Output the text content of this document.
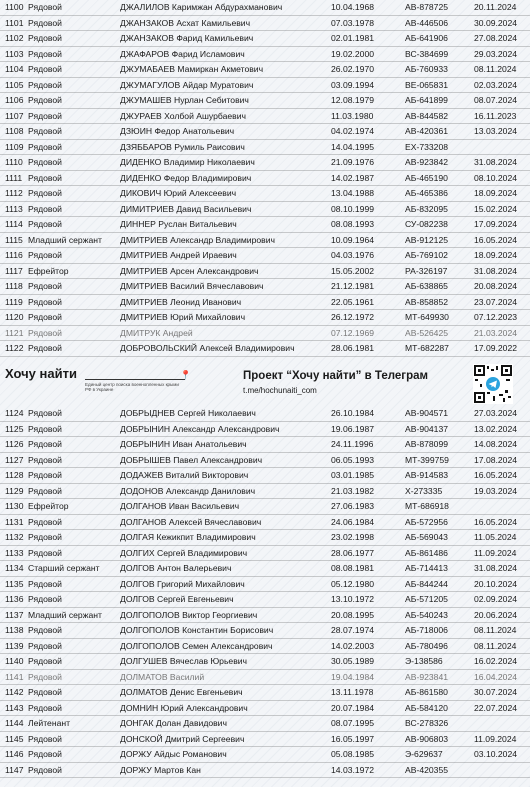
1100 Рядовой	ДЖАЛИЛОВ Каримжан Абдурахманович	10.04.1968	АВ-878725	20.11.2024
1101 Рядовой	ДЖАНЗАКОВ Асхат Камильевич	07.03.1978	АВ-446506	30.09.2024
1102 Рядовой	ДЖАНЗАКОВ Фарид Камильевич	02.01.1981	АБ-641906	27.08.2024
1103 Рядовой	ДЖАФАРОВ Фарид Исламович	19.02.2000	ВС-384699	29.03.2024
1104 Рядовой	ДЖУМАБАЕВ Мамиркан Акметович	26.02.1970	АБ-760933	08.11.2024
1105 Рядовой	ДЖУМАГУЛОВ Айдар Муратович	03.09.1994	ВЕ-065831	02.03.2024
1106 Рядовой	ДЖУМАШЕВ Нурлан Себитович	12.08.1979	АБ-641899	08.07.2024
1107 Рядовой	ДЖУРАЕВ Холбой Ашурбаевич	11.03.1980	АВ-844582	16.11.2023
1108 Рядовой	ДЗЮИН Федор Анатольевич	04.02.1974	АВ-420361	13.03.2024
1109 Рядовой	ДЗЯББАРОВ Румиль Раисович	14.04.1995	ЕХ-733208
1110 Рядовой	ДИДЕНКО Владимир Николаевич	21.09.1976	АВ-923842	31.08.2024
1111 Рядовой	ДИДЕНКО Федор Владимирович	14.02.1987	АБ-465190	08.10.2024
1112 Рядовой	ДИКОВИЧ Юрий Алексеевич	13.04.1988	АБ-465386	18.09.2024
1113 Рядовой	ДИМИТРИЕВ Давид Васильевич	08.10.1999	АБ-832095	15.02.2024
1114 Рядовой	ДИННЕР Руслан Витальевич	08.08.1993	СУ-082238	17.09.2024
1115 Младший сержант	ДМИТРИЕВ Александр Владимирович	10.09.1964	АВ-912125	16.05.2024
1116 Рядовой	ДМИТРИЕВ Андрей Ираевич	04.03.1976	АБ-769102	18.09.2024
1117 Ефрейтор	ДМИТРИЕВ Арсен Александрович	15.05.2002	РА-326197	31.08.2024
1118 Рядовой	ДМИТРИЕВ Василий Вячеславович	21.12.1981	АБ-638865	20.08.2024
1119 Рядовой	ДМИТРИЕВ Леонид Иванович	22.05.1961	АВ-858852	23.07.2024
1120 Рядовой	ДМИТРИЕВ Юрий Михайлович	26.12.1972	МТ-649930	07.12.2023
1121 Рядовой	ДМИТРУК Андрей	07.12.1969	АВ-526425	21.03.2024
1122 Рядовой	ДОБРОВОЛЬСКИЙ Алексей Владимирович	28.06.1981	МТ-682287	17.09.2022
Хочу найти	📍
Единый центр поиска военнопленных крыми РФ в Украине
Проект “Хочу найти” в Телеграм
t.me/hochunaiti_com
1124 Рядовой	ДОБРЫДНЕВ Сергей Николаевич	26.10.1984	АВ-904571	27.03.2024
1125 Рядовой	ДОБРЫНИН Александр Александрович	19.06.1987	АВ-904137	13.02.2024
1126 Рядовой	ДОБРЫНИН Иван Анатольевич	24.11.1996	АВ-878099	14.08.2024
1127 Рядовой	ДОБРЫШЕВ Павел Александрович	06.05.1993	МТ-399759	17.08.2024
1128 Рядовой	ДОДАЖЕВ Виталий Викторович	03.01.1985	АВ-914583	16.05.2024
1129 Рядовой	ДОДОНОВ Александр Данилович	21.03.1982	Х-273335	19.03.2024
1130 Ефрейтор	ДОЛГАНОВ Иван Васильевич	27.06.1983	МТ-686918
1131 Рядовой	ДОЛГАНОВ Алексей Вячеславович	24.06.1984	АБ-572956	16.05.2024
1132 Рядовой	ДОЛГАЯ Кежикпит Владимирович	23.02.1998	АБ-569043	11.05.2024
1133 Рядовой	ДОЛГИХ Сергей Владимирович	28.06.1977	АБ-861486	11.09.2024
1134 Старший сержант	ДОЛГОВ Антон Валерьевич	08.08.1981	АБ-714413	31.08.2024
1135 Рядовой	ДОЛГОВ Григорий Михайлович	05.12.1980	АБ-844244	20.10.2024
1136 Рядовой	ДОЛГОВ Сергей Евгеньевич	13.10.1972	АБ-571205	02.09.2024
1137 Младший сержант	ДОЛГОПОЛОВ Виктор Георгиевич	20.08.1995	АБ-540243	20.06.2024
1138 Рядовой	ДОЛГОПОЛОВ Константин Борисович	28.07.1974	АБ-718006	08.11.2024
1139 Рядовой	ДОЛГОПОЛОВ Семен Александрович	14.02.2003	АБ-780496	08.11.2024
1140 Рядовой	ДОЛГУШЕВ Вячеслав Юрьевич	30.05.1989	Э-138586	16.02.2024
1141 Рядовой	ДОЛМАТОВ Василий	19.04.1984	АВ-923841	16.04.2024
1142 Рядовой	ДОЛМАТОВ Денис Евгеньевич	13.11.1978	АБ-861580	30.07.2024
1143 Рядовой	ДОМНИН Юрий Александрович	20.07.1984	АБ-584120	22.07.2024
1144 Лейтенант	ДОНГАК Долан Давидович	08.07.1995	ВС-278326
1145 Рядовой	ДОНСКОЙ Дмитрий Сергеевич	16.05.1997	АВ-906803	11.09.2024
1146 Рядовой	ДОРЖУ Айдыс Романович	05.08.1985	Э-629637	03.10.2024
1147 Рядовой	ДОРЖУ Мартов Кан	14.03.1972	АВ-420355
